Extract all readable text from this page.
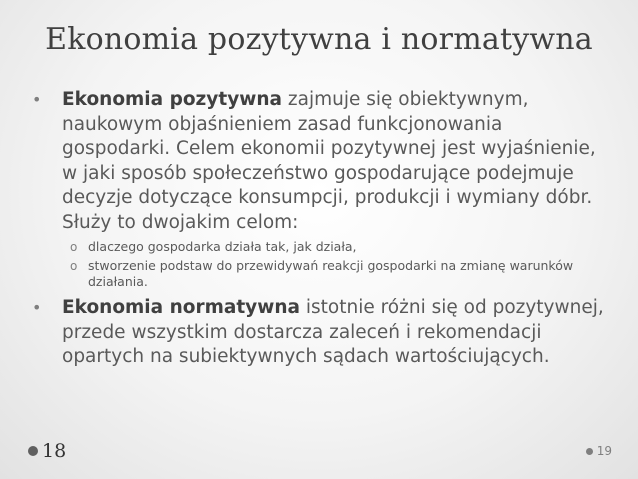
Ekonomia pozytywna i normatywna
• Ekonomia pozytywna zajmuje się obiektywnym, naukowym objaśnieniem zasad funkcjonowania gospodarki. Celem ekonomii pozytywnej jest wyjaśnienie, w jaki sposób społeczeństwo gospodarujące podejmuje decyzje dotyczące konsumpcji, produkcji i wymiany dóbr. Służy to dwojakim celom:
o dlaczego gospodarka działa tak, jak działa,
o stworzenie podstaw do przewidywań reakcji gospodarki na zmianę warunków działania.
• Ekonomia normatywna istotnie różni się od pozytywnej, przede wszystkim dostarcza zaleceń i rekomendacji opartych na subiektywnych sądach wartościujących.
18	19
